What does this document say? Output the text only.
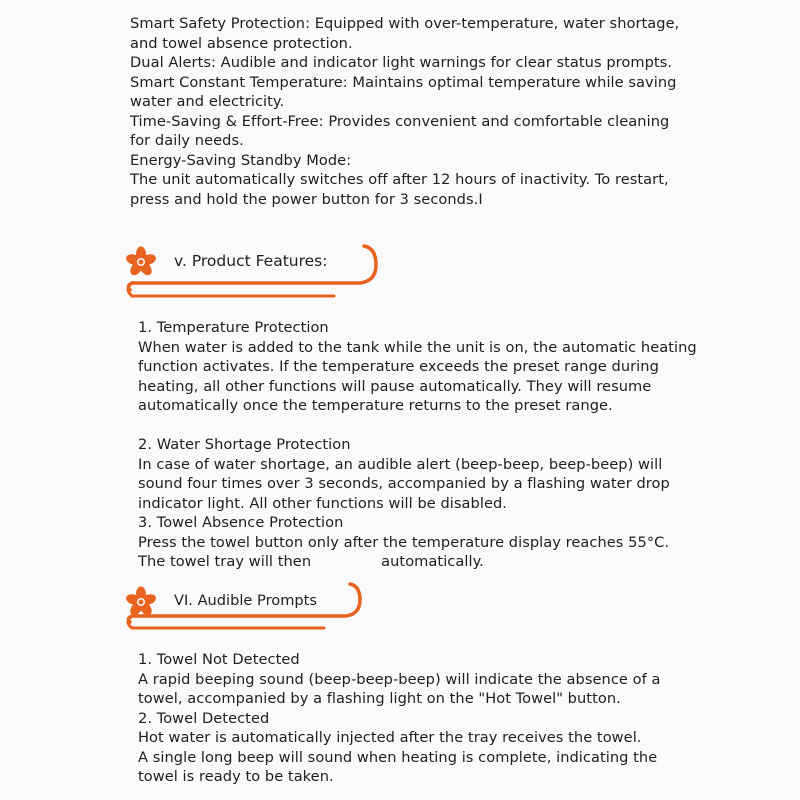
Smart Safety Protection: Equipped with over-temperature, water shortage,
and towel absence protection.
Dual Alerts: Audible and indicator light warnings for clear status prompts.
Smart Constant Temperature: Maintains optimal temperature while saving
water and electricity.
Time-Saving & Effort-Free: Provides convenient and comfortable cleaning
for daily needs.
Energy-Saving Standby Mode:
The unit automatically switches off after 12 hours of inactivity. To restart,
press and hold the power button for 3 seconds.I
v. Product Features:
1. Temperature Protection
When water is added to the tank while the unit is on, the automatic heating
function activates. If the temperature exceeds the preset range during
heating, all other functions will pause automatically. They will resume
automatically once the temperature returns to the preset range.
2. Water Shortage Protection
In case of water shortage, an audible alert (beep-beep, beep-beep) will
sound four times over 3 seconds, accompanied by a flashing water drop
indicator light. All other functions will be disabled.
3. Towel Absence Protection
Press the towel button only after the temperature display reaches 55°C.
The towel tray will then	automatically.
VI. Audible Prompts
1. Towel Not Detected
A rapid beeping sound (beep-beep-beep) will indicate the absence of a
towel, accompanied by a flashing light on the "Hot Towel" button.
2. Towel Detected
Hot water is automatically injected after the tray receives the towel.
A single long beep will sound when heating is complete, indicating the
towel is ready to be taken.
